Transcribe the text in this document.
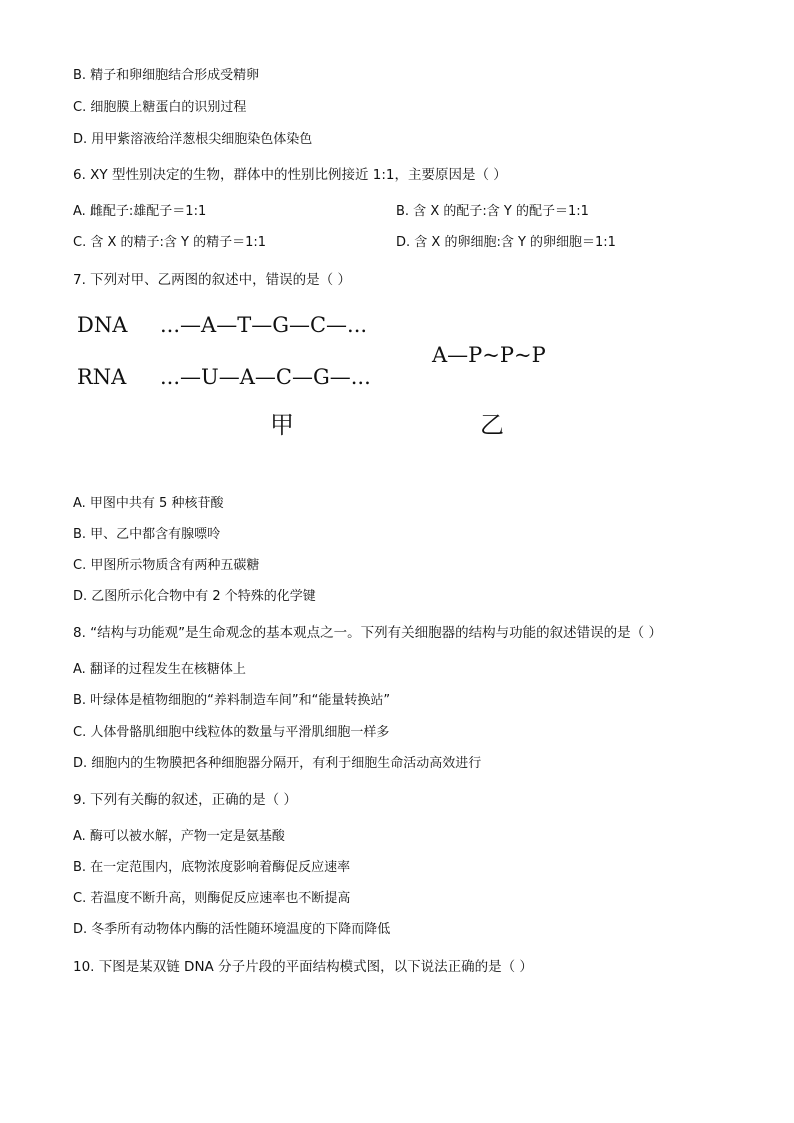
B. 精子和卵细胞结合形成受精卵
C. 细胞膜上糖蛋白的识别过程
D. 用甲紫溶液给洋葱根尖细胞染色体染色
6. XY 型性别决定的生物，群体中的性别比例接近 1:1，主要原因是（ ）
A. 雌配子:雄配子＝1:1	B. 含 X 的配子:含 Y 的配子＝1:1
C. 含 X 的精子:含 Y 的精子＝1:1	D. 含 X 的卵细胞:含 Y 的卵细胞＝1:1
7. 下列对甲、乙两图的叙述中，错误的是（ ）
DNA ...—A—T—G—C—...
RNA ...—U—A—C—G—...
A—P~P~P
甲	乙
A. 甲图中共有 5 种核苷酸
B. 甲、乙中都含有腺嘌呤
C. 甲图所示物质含有两种五碳糖
D. 乙图所示化合物中有 2 个特殊的化学键
8. “结构与功能观”是生命观念的基本观点之一。下列有关细胞器的结构与功能的叙述错误的是（ ）
A. 翻译的过程发生在核糖体上
B. 叶绿体是植物细胞的“养料制造车间”和“能量转换站”
C. 人体骨骼肌细胞中线粒体的数量与平滑肌细胞一样多
D. 细胞内的生物膜把各种细胞器分隔开，有利于细胞生命活动高效进行
9. 下列有关酶的叙述，正确的是（ ）
A. 酶可以被水解，产物一定是氨基酸
B. 在一定范围内，底物浓度影响着酶促反应速率
C. 若温度不断升高，则酶促反应速率也不断提高
D. 冬季所有动物体内酶的活性随环境温度的下降而降低
10. 下图是某双链 DNA 分子片段的平面结构模式图，以下说法正确的是（ ）
